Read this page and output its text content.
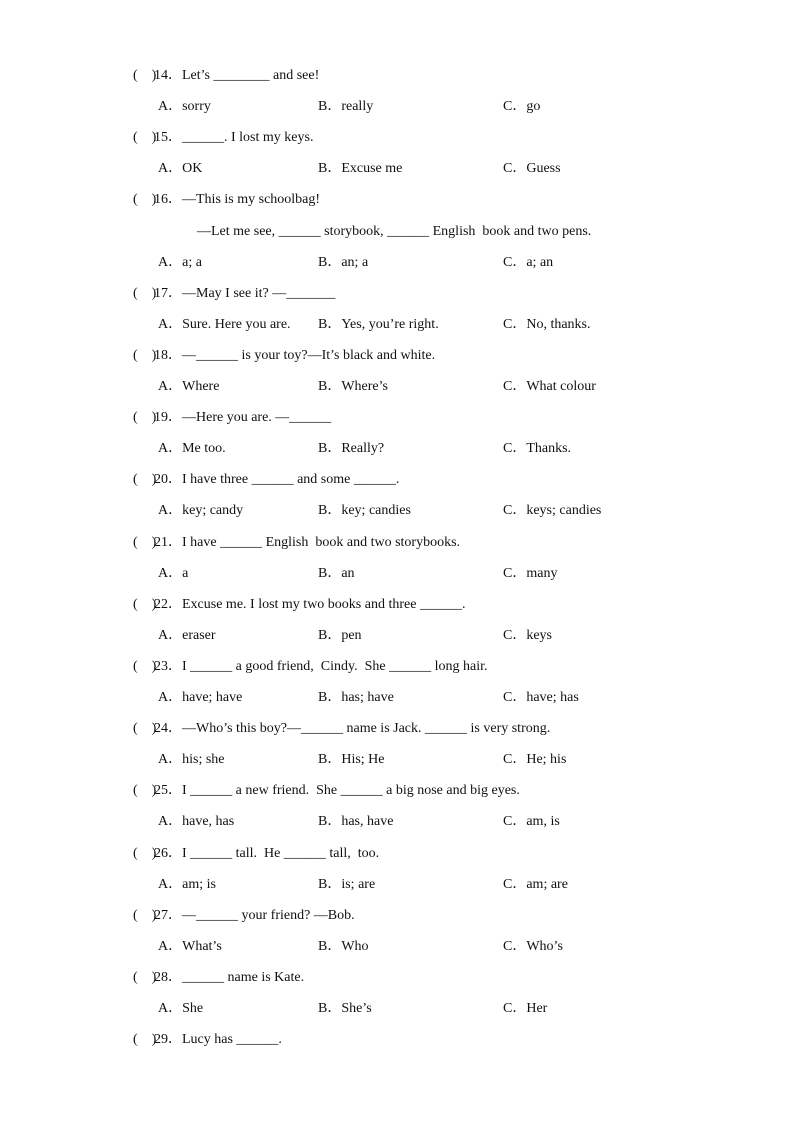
(    )
14．Let’s ________ and see!
A．sorry	B．really	C．go
(    )
15．______. I lost my keys.
A．OK	B．Excuse me	C．Guess
(    )
16．—This is my schoolbag!
—Let me see, ______ storybook, ______ English  book and two pens.
A．a; a	B．an; a	C．a; an
(    )
17．—May I see it? —_______
A．Sure. Here you are. B．Yes, you’re right.	C．No, thanks.
(    )
18．—______ is your toy?—It’s black and white.
A．Where	B．Where’s	C．What colour
(    )
19．—Here you are. —______
A．Me too.	B．Really?	C．Thanks.
(    )
20．I have three ______ and some ______.
A．key; candy	B．key; candies	C．keys; candies
(    )
21．I have ______ English  book and two storybooks.
A．a	B．an	C．many
(    )
22．Excuse me. I lost my two books and three ______.
A．eraser	B．pen	C．keys
(    )
23．I ______ a good friend,  Cindy.  She ______ long hair.
A．have; have	B．has; have	C．have; has
(    )
24．—Who’s this boy?—______ name is Jack. ______ is very strong.
A．his; she	B．His; He	C．He; his
(    )
25．I ______ a new friend.  She ______ a big nose and big eyes.
A．have, has	B．has, have	C．am, is
(    )
26．I ______ tall.  He ______ tall,  too.
A．am; is	B．is; are	C．am; are
(    )
27．—______ your friend? —Bob.
A．What’s	B．Who	C．Who’s
(    )
28．______ name is Kate.
A．She	B．She’s	C．Her
(    )
29．Lucy has ______.
